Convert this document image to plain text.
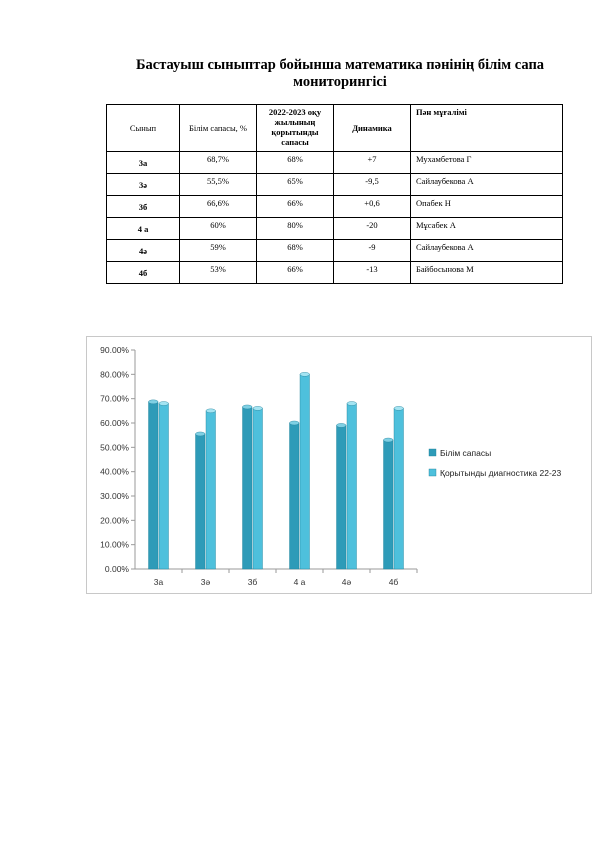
Бастауыш сыныптар бойынша математика пәнінің білім сапа
мониторингісі
Сынып	Білім сапасы, %	2022-2023 оқу жылының қорытынды сапасы	Динамика	Пән мұғалімі
3а	68,7%	68%	+7	Мухамбетова Г
3ә	55,5%	65%	-9,5	Сайлаубекова А
3б	66,6%	66%	+0,6	Опабек Н
4 а	60%	80%	-20	Мұсабек А
4ә	59%	68%	-9	Сайлаубекова А
4б	53%	66%	-13	Байбосынова М
0.00%
10.00%
20.00%
30.00%
40.00%
50.00%
60.00%
70.00%
80.00%
90.00%
3а	3ә	3б	4 а	4ә	4б
Білім сапасы
Қорытынды диагностика 22-23
